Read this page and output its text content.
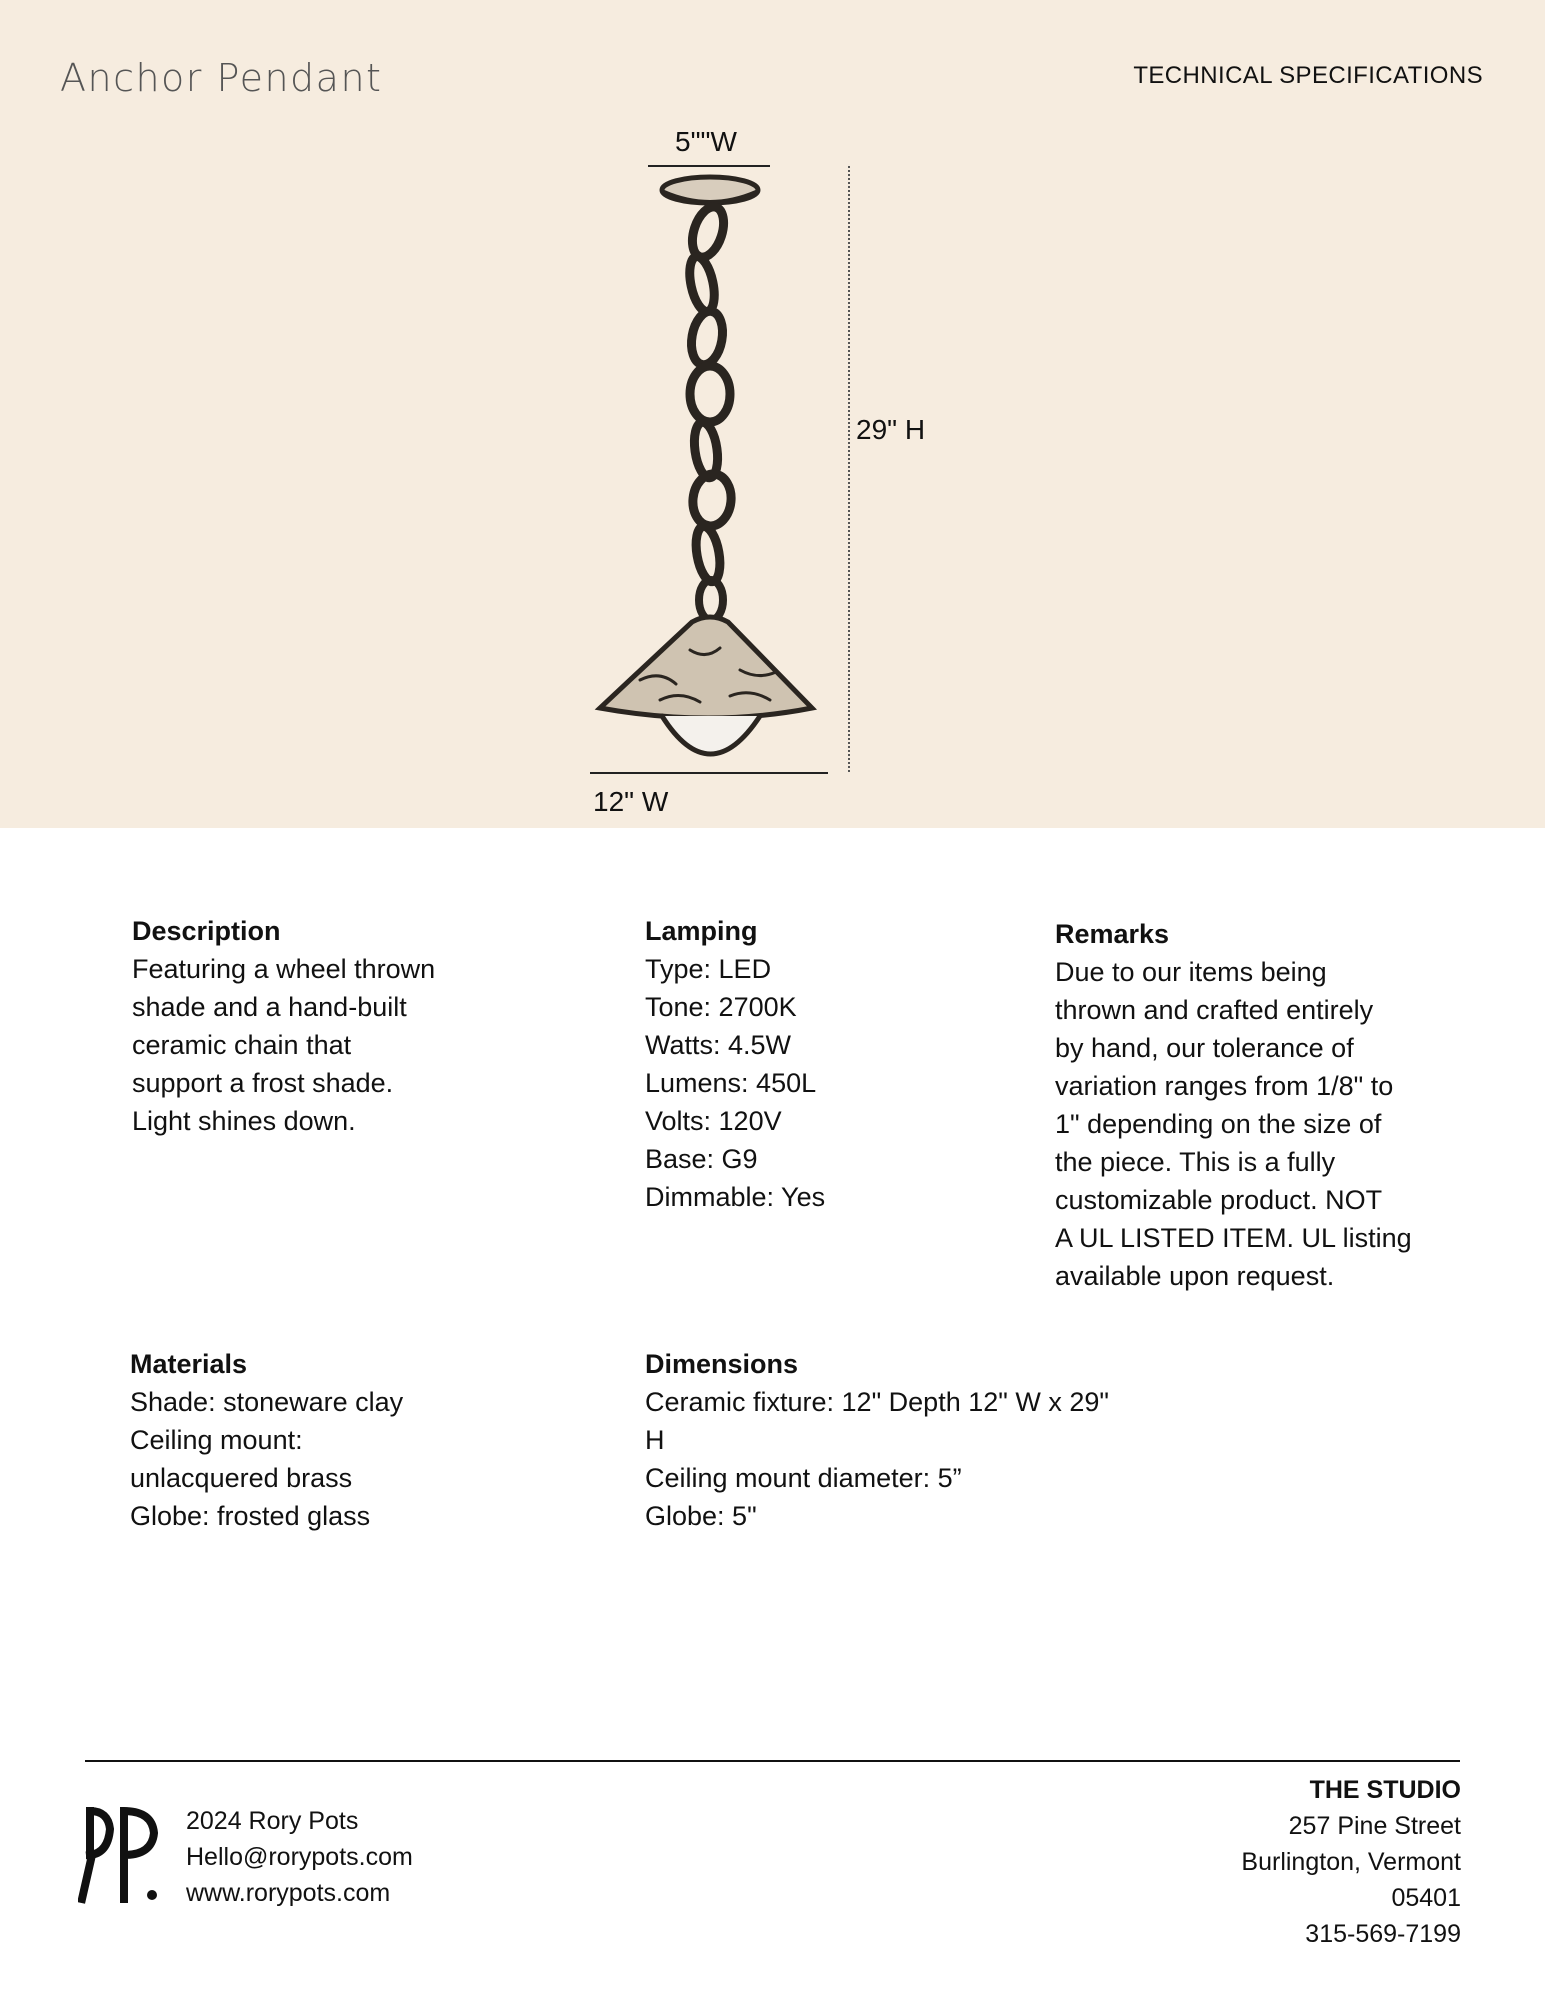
Anchor Pendant	TECHNICAL SPECIFICATIONS

5""W
29" H
12" W
Description
Featuring a wheel thrown
shade and a hand-built
ceramic chain that
support a frost shade.
Light shines down.
Lamping
Type: LED
Tone: 2700K
Watts: 4.5W
Lumens: 450L
Volts: 120V
Base: G9
Dimmable: Yes
Remarks
Due to our items being
thrown and crafted entirely
by hand, our tolerance of
variation ranges from 1/8" to
1" depending on the size of
the piece. This is a fully
customizable product. NOT
A UL LISTED ITEM. UL listing
available upon request.
Materials
Shade: stoneware clay
Ceiling mount:
unlacquered brass
Globe: frosted glass
Dimensions
Ceramic fixture: 12" Depth 12" W x 29"
H
Ceiling mount diameter: 5”
Globe: 5"
2024 Rory Pots
Hello@rorypots.com
www.rorypots.com
THE STUDIO
257 Pine Street
Burlington, Vermont
05401
315-569-7199
